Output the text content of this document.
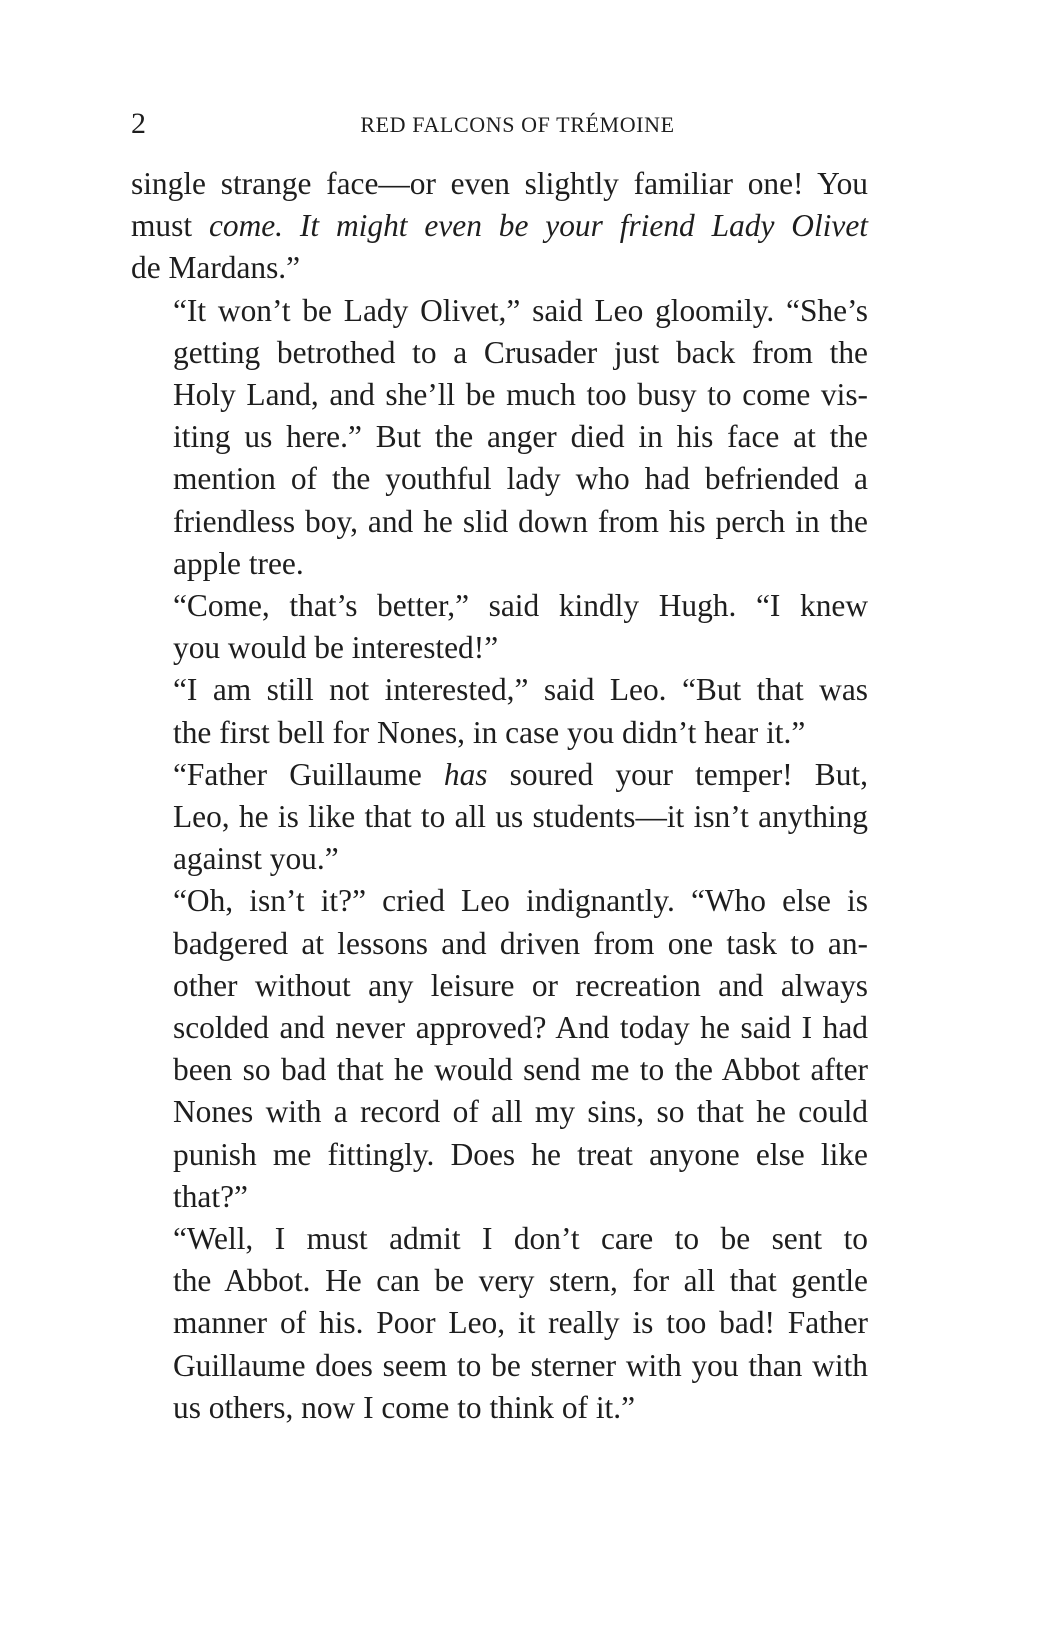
2	RED FALCONS OF TRÉMOINE
single strange face—or even slightly familiar one! You
must come. It might even be your friend Lady Olivet
de Mardans.”
“It won’t be Lady Olivet,” said Leo gloomily. “She’s
getting betrothed to a Crusader just back from the
Holy Land, and she’ll be much too busy to come vis-
iting us here.” But the anger died in his face at the
mention of the youthful lady who had befriended a
friendless boy, and he slid down from his perch in the
apple tree.
“Come, that’s better,” said kindly Hugh. “I knew
you would be interested!”
“I am still not interested,” said Leo. “But that was
the first bell for Nones, in case you didn’t hear it.”
“Father Guillaume has soured your temper! But,
Leo, he is like that to all us students—it isn’t anything
against you.”
“Oh, isn’t it?” cried Leo indignantly. “Who else is
badgered at lessons and driven from one task to an-
other without any leisure or recreation and always
scolded and never approved? And today he said I had
been so bad that he would send me to the Abbot after
Nones with a record of all my sins, so that he could
punish me fittingly. Does he treat anyone else like
that?”
“Well, I must admit I don’t care to be sent to
the Abbot. He can be very stern, for all that gentle
manner of his. Poor Leo, it really is too bad! Father
Guillaume does seem to be sterner with you than with
us others, now I come to think of it.”
